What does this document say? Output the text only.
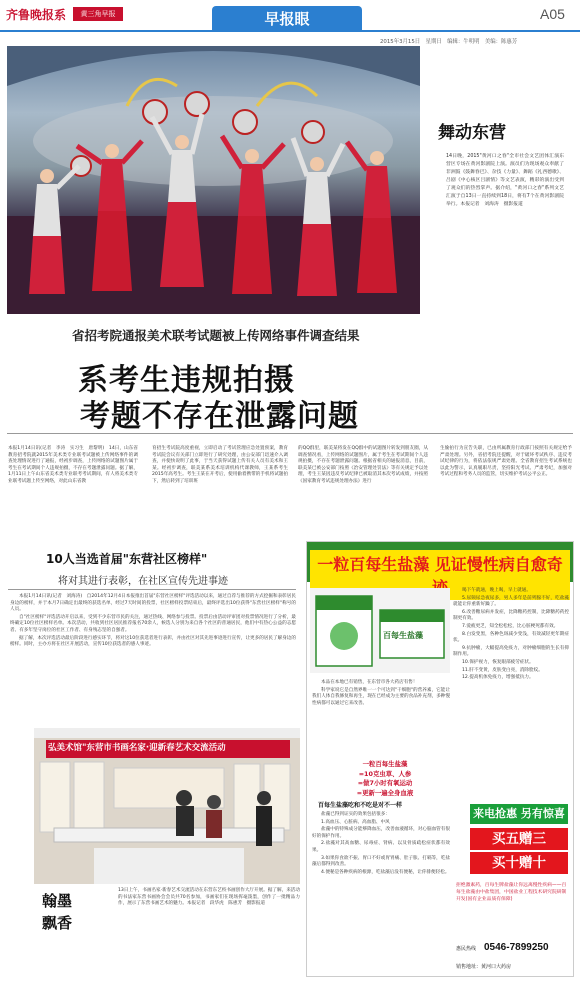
齐鲁晚报系	黄三角早报	早报眼	A05
2015年3月15日　星期日　编辑：牛明明　美编：陈惠芳
舞动东营
14日晚，2015"黄河口之春"全市社会文艺团体汇演东营区专场在黄河影剧院上演。演员们为现场观众奉献了非洲鼓《鼓舞春巴》、杂技《力量》、舞蹈《礼西德歌》、吕剧《中心核区吕剧情》等文艺表演，精彩的演出受到了观众们的热烈掌声。据介绍，"黄河口之春"系列文艺汇演于自13日一直持续到18日，将有7个在黄河影剧院举行。本报记者　刘海涛　摄影报道
省招考院通报美术联考试题被上传网络事件调查结果
系考生违规拍摄
考题不存在泄露问题
本报1月14日讯(记者　李涛　实习生　唐黎明)　14日，山东省教育招考院就2015年美术类专业联考试题被上传网络事件的调查处理情况进行了通报，经初步调查，上传网络的试题图片属于考生在考试期间个人违规拍摄，不存在考题泄露问题。据了解，1月11日上午山东省美术类专业联考考试期间，有人将美术类专业联考试题上传至网络，对此山东省教
育招生考试院高度重视，立即启动了考试管理应急处置预案，教育考试院会议有关部门立即进行了研究处理，由公安部门迅速介入调查，并使快说明了此事，于当天获得试题上传有关人员有美术和王某。经初步调查，联美某系美术培训机构代课教师，王某系考生2015年高考生。考生王某在开考后，使用偷着携带的手机将试题拍下，然后转到了培训班
的QQ群里，联美某将发在QQ群中的试题图片转发到朋友圈，从调查情况看，上传网络的试题图片，属于考生在考试期间个人违规拍摄，不存在考题泄露问题。根据省相关的通报消息，目前，联美某已被公安部门按照《治安管理处罚法》等有关规定予以处理，考生王某因违反考试纪律已被取消其本次考试成绩，并按照《国家教育考试违规处理办法》进行
生偷拍行为宣告失职，已由所属教育行政部门按照有关规定给予严肃处理。另外，省招考院还提醒，对于破坏考试秩序、违反考试纪律的行为，将依法依规严肃处理。全省教育招生考试系统也以此为警示，认真履职尽责，坚持阳光考试、严肃考纪，加强对考试过程和考务人员的监管，切实维护考试公平公正。
10人当选首届"东营社区榜样"
将对其进行表彰，在社区宣传先进事迹

本报1月14日讯(记者　刘海涛)　自2014年12月4日本报推出首届"东营社区榜样"评选活动以来，通过自荐与推荐的方式挖掘和表彰居民身边的榜样，并于本月7日确定出最终的获选名单，经过7天时间的投票，社区榜样投票结束后，最终评选出10位获得"东营社区榜样"称号的人员。

自"社区榜样"评选活动开启以来，受到不少东营市民的关注，通过热线、网络参与投票。投票后由活动评审团对投票情况进行了分析，最终确定10位社区榜样名单。本次活动，共收到社区居民推荐报名70余人，候选人分别为来自各个社区的普通居民，他们中有热心公益的志愿者、有多年坚守岗位的社区工作者、有身残志坚的自强者。

据了解，本次评选活动最后阶段进行感实环节，将对这10位获选者进行表彰，并由社区对其先进事迹进行宣传，让更多的居民了解身边的榜样。同时，主办方将在社区开展活动，宣传10位获选者的感人事迹。

弘美术馆"东营市书画名家·迎新春艺术交流活动
翰墨
飘香
13日上午，书画名家·新春艺术交流活动在东营东艺校书画创作大厅开展。据了解，来活动的书法家东营书画协会会员共70名参加，书画家们在现场挥毫泼墨，创作了一批精品力作，展示了东营书画艺术的魅力。本报记者　段华虎　陈惠芳　摄影报道
一粒百每生盐藻 见证慢性病自愈奇
百每生盐藻

喝下午就通，晚上喝，早上就通。

5.尿频尿急夜尿多，男人多年是前列腺不好，吃盐藻就能让你重新好躁了。

6.改善糖尿病并发症，比降糖药控制，比降糖药药控制更有效。

7.爱疲更乏，知全松松松，比心脏梗死都有效。

8.白发变黑，各种色斑减少变浅，有效减轻更年期症状。

9.抗肿瘤，大幅提高免疫力，对肿瘤细胞的生长有抑制作用。

10.保护视力，恢复眼部疲劳症状。

11.肝不变黄，皮肤变白亮，消除脸纹。

12.提高机体免疫力，增强抵抗力。

本品在本地已有销售，在东营市各大药店有售！

科学家说它是自然界唯一一个可达到"干细胞"的营养素，它能让我们人体自我修复和再生，现在已经成为主要的食品补充剂，多种慢性病都可以通过它来改善。

一粒百每生盐藻
=10克虫草、人参
=做7小时有氧运动
=更新一遍全身血液
百每生盐藻吃和不吃是对不一样

盐藻已得到证实的效果包括很多：

1.高血压、心脏病、高血脂、中风

盐藻中的特殊成分能够降血压，改善血液循环，对心脑血管有很好的保护作用。

2.盐藻对其高血糖、尿毒症、肾病、以及骨质疏松症状都有效果。

3.如果你食欲不振、胃口不好或胃胃痛、肚子胀、打嗝等，吃盐藻后都得到改善。

4.便秘是各种疾病的根源，吃盐藻后没有便秘，让你排便轻松。

来电抢惠 另有惊喜
买五赠三
买十赠十
拒绝激素药，百每生牌盐藻让你远离慢性疾病——百每生盐藻由中盐集团，中国盐业工程技术研究院研制开发(国有企业品质有保障)
惠民热线 0546-7899250
销售地址：黄河口大药房
